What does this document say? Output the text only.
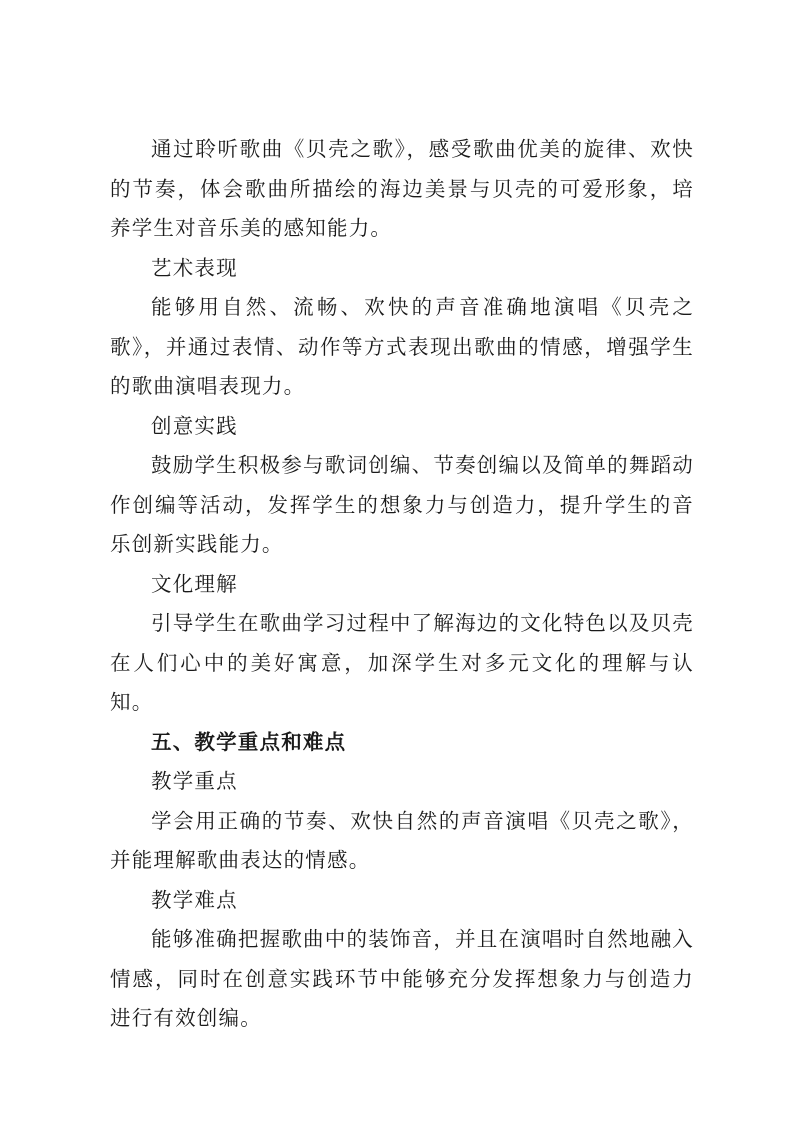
通过聆听歌曲《贝壳之歌》，感受歌曲优美的旋律、欢快的节奏，体会歌曲所描绘的海边美景与贝壳的可爱形象，培养学生对音乐美的感知能力。

艺术表现

能够用自然、流畅、欢快的声音准确地演唱《贝壳之歌》，并通过表情、动作等方式表现出歌曲的情感，增强学生的歌曲演唱表现力。

创意实践

鼓励学生积极参与歌词创编、节奏创编以及简单的舞蹈动作创编等活动，发挥学生的想象力与创造力，提升学生的音乐创新实践能力。

文化理解

引导学生在歌曲学习过程中了解海边的文化特色以及贝壳在人们心中的美好寓意，加深学生对多元文化的理解与认知。

五、教学重点和难点

教学重点

学会用正确的节奏、欢快自然的声音演唱《贝壳之歌》，并能理解歌曲表达的情感。

教学难点

能够准确把握歌曲中的装饰音，并且在演唱时自然地融入情感，同时在创意实践环节中能够充分发挥想象力与创造力进行有效创编。
